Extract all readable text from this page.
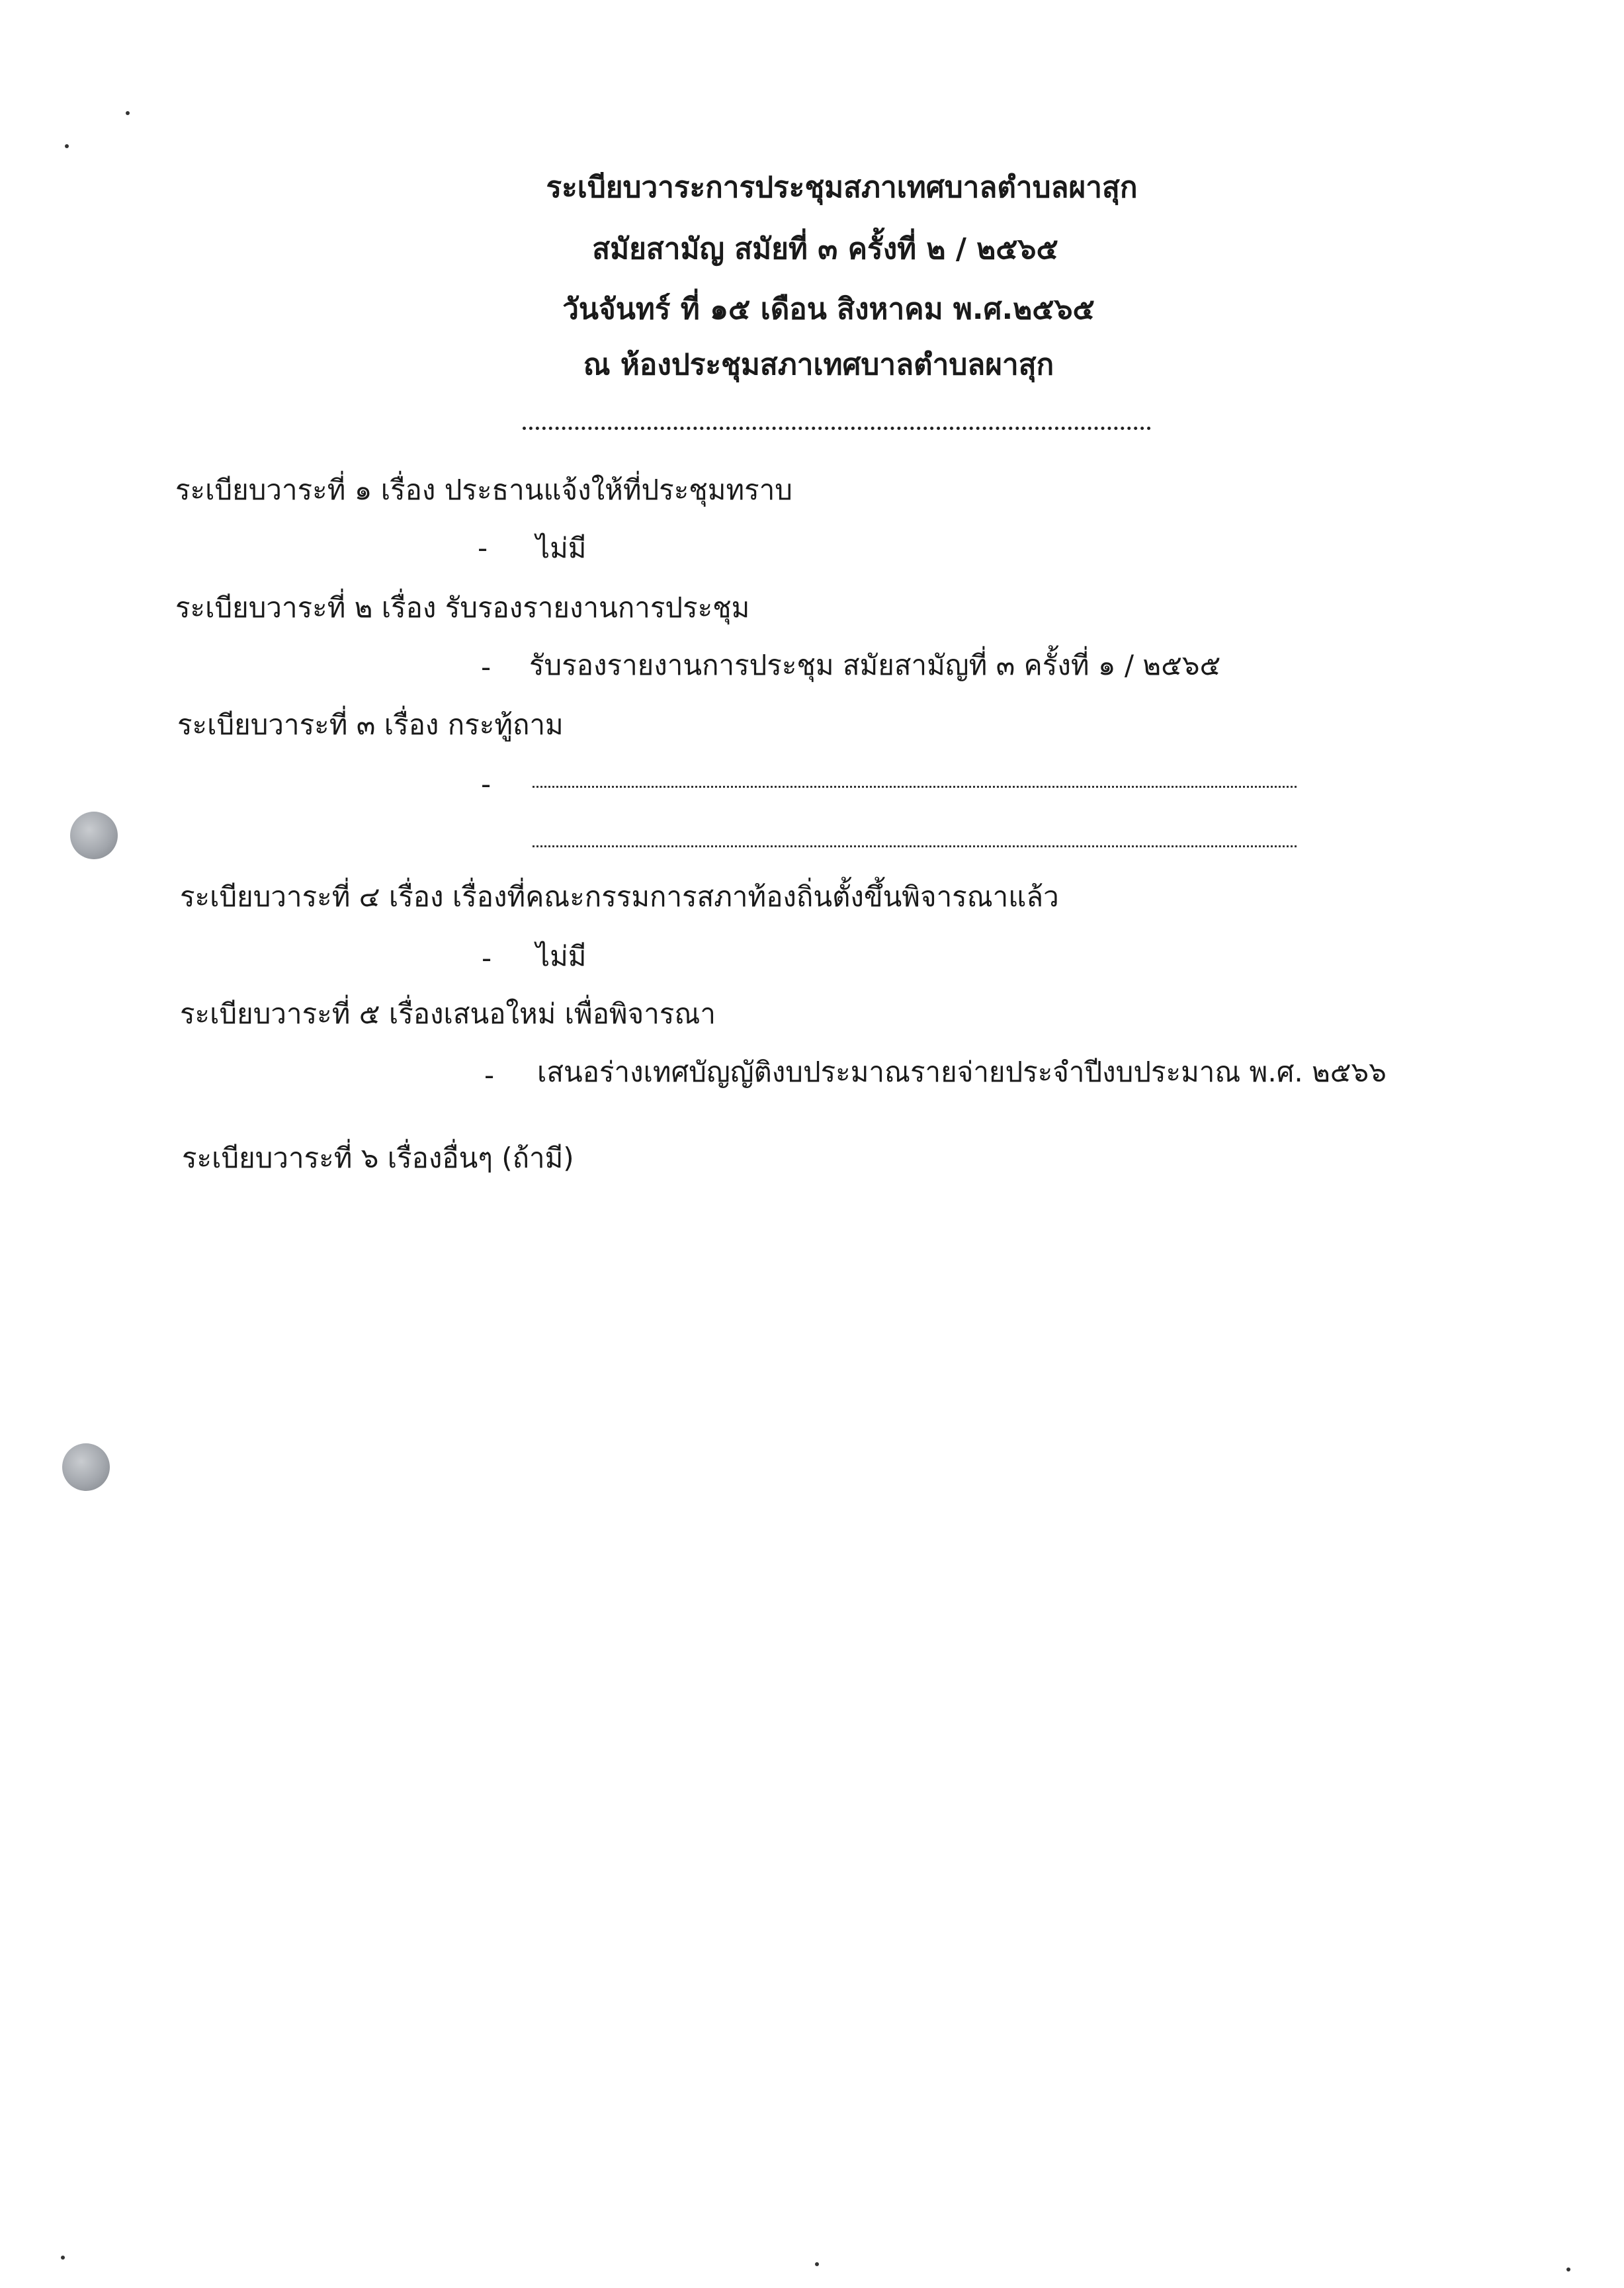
ระเบียบวาระการประชุมสภาเทศบาลตำบลผาสุก
สมัยสามัญ สมัยที่ ๓ ครั้งที่ ๒ / ๒๕๖๕
วันจันทร์ ที่ ๑๕ เดือน สิงหาคม พ.ศ.๒๕๖๕
ณ ห้องประชุมสภาเทศบาลตำบลผาสุก
ระเบียบวาระที่ ๑ เรื่อง ประธานแจ้งให้ที่ประชุมทราบ
- ไม่มี
ระเบียบวาระที่ ๒ เรื่อง รับรองรายงานการประชุม
- รับรองรายงานการประชุม สมัยสามัญที่ ๓ ครั้งที่ ๑ / ๒๕๖๕
ระเบียบวาระที่ ๓ เรื่อง กระทู้ถาม
-
ระเบียบวาระที่ ๔ เรื่อง เรื่องที่คณะกรรมการสภาท้องถิ่นตั้งขึ้นพิจารณาแล้ว
- ไม่มี
ระเบียบวาระที่ ๕ เรื่องเสนอใหม่ เพื่อพิจารณา
- เสนอร่างเทศบัญญัติงบประมาณรายจ่ายประจำปีงบประมาณ พ.ศ. ๒๕๖๖
ระเบียบวาระที่ ๖ เรื่องอื่นๆ (ถ้ามี)
